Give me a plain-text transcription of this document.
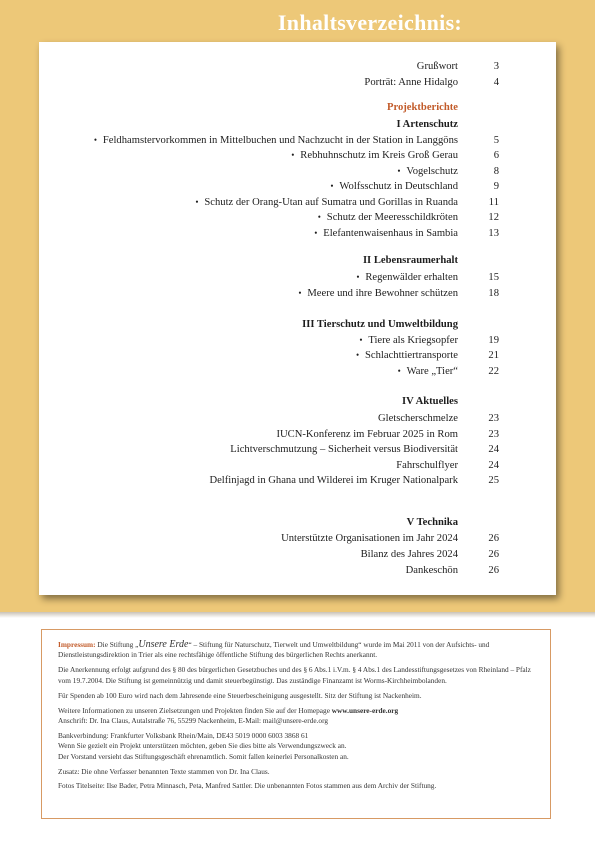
Inhaltsverzeichnis:
Grußwort	3
Porträt: Anne Hidalgo	4
Projektberichte
I Artenschutz
• Feldhamstervorkommen in Mittelbuchen und Nachzucht in der Station in Langgöns	5
• Rebhuhnschutz im Kreis Groß Gerau	6
• Vogelschutz	8
• Wolfsschutz in Deutschland	9
• Schutz der Orang-Utan auf Sumatra und Gorillas in Ruanda	11
• Schutz der Meeresschildkröten	12
• Elefantenwaisenhaus in Sambia	13
II Lebensraumerhalt
• Regenwälder erhalten	15
• Meere und ihre Bewohner schützen	18
III Tierschutz und Umweltbildung
• Tiere als Kriegsopfer	19
• Schlachttiertransporte	21
• Ware „Tier“	22
IV Aktuelles
Gletscherschmelze	23
IUCN-Konferenz im Februar 2025 in Rom	23
Lichtverschmutzung – Sicherheit versus Biodiversität	24
Fahrschulflyer	24
Delfinjagd in Ghana und Wilderei im Kruger Nationalpark	25
V Technika
Unterstützte Organisationen im Jahr 2024	26
Bilanz des Jahres 2024	26
Dankeschön	26

Impressum: Die Stiftung „Unsere Erde“ – Stiftung für Naturschutz, Tierwelt und Umweltbildung“ wurde im Mai 2011 von der Aufsichts- und Dienstleistungsdirektion in Trier als eine rechtsfähige öffentliche Stiftung des bürgerlichen Rechts anerkannt.

Die Anerkennung erfolgt aufgrund des § 80 des bürgerlichen Gesetzbuches und des § 6 Abs.1 i.V.m. § 4 Abs.1 des Landesstiftungsgesetzes von Rheinland – Pfalz vom 19.7.2004. Die Stiftung ist gemeinnützig und damit steuerbegünstigt. Das zuständige Finanzamt ist Worms-Kirchheimbolanden.

Für Spenden ab 100 Euro wird nach dem Jahresende eine Steuerbescheinigung ausgestellt. Sitz der Stiftung ist Nackenheim.

Weitere Informationen zu unseren Zielsetzungen und Projekten finden Sie auf der Homepage www.unsere-erde.org
Anschrift: Dr. Ina Claus, Autalstraße 76, 55299 Nackenheim, E-Mail: mail@unsere-erde.org

Bankverbindung: Frankfurter Volksbank Rhein/Main, DE43 5019 0000 6003 3868 61
Wenn Sie gezielt ein Projekt unterstützen möchten, geben Sie dies bitte als Verwendungszweck an.
Der Vorstand versieht das Stiftungsgeschäft ehrenamtlich. Somit fallen keinerlei Personalkosten an.

Zusatz: Die ohne Verfasser benannten Texte stammen von Dr. Ina Claus.

Fotos Titelseite: Ilse Bader, Petra Minnasch, Peta, Manfred Sattler. Die unbenannten Fotos stammen aus dem Archiv der Stiftung.
